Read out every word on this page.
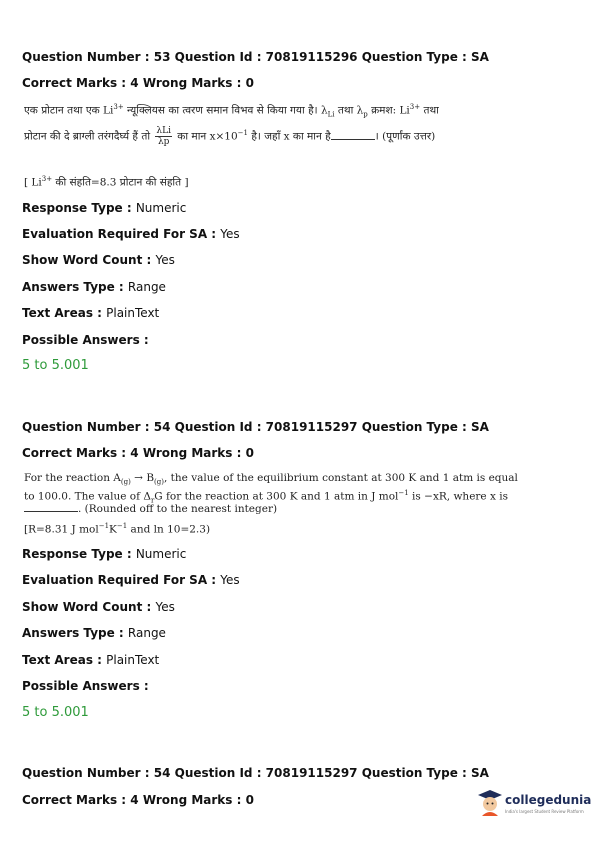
Question Number : 53 Question Id : 70819115296 Question Type : SA
Correct Marks : 4 Wrong Marks : 0
एक प्रोटान तथा एक $Li^{3+}$ न्यूक्लियस का त्वरण समान विभव से किया गया है। $\lambda_{Li}$ तथा $\lambda_p$ क्रमश: $Li^{3+}$ तथा
प्रोटान की दे ब्राग्ली तरंगदैर्घ्य हैं तो $\frac{\text{λLi}}{\lambda p}$ का मान $x\times 10^{-1}$ है। जहाँ x का मान है	। (पूर्णांक उत्तर)
[ $Li^{3+}$ की संहति=8.3 प्रोटान की संहति ]
Response Type : Numeric
Evaluation Required For SA : Yes
Show Word Count : Yes
Answers Type : Range
Text Areas : PlainText
Possible Answers :
5 to 5.001
Question Number : 54 Question Id : 70819115297 Question Type : SA
Correct Marks : 4 Wrong Marks : 0
For the reaction $A_{(g)} \to B_{(g)}$, the value of the equilibrium constant at 300 K and 1 atm is equal
to 100.0. The value of $\Delta_rG$ for the reaction at 300 K and 1 atm in J mol$^{-1}$ is −xR, where x is
. (Rounded off to the nearest integer)
[R=8.31 J $mol^{-1}K^{-1}$ and ln 10=2.3)
Response Type : Numeric
Evaluation Required For SA : Yes
Show Word Count : Yes
Answers Type : Range
Text Areas : PlainText
Possible Answers :
5 to 5.001
Question Number : 54 Question Id : 70819115297 Question Type : SA
Correct Marks : 4 Wrong Marks : 0	collegedunia
India's largest Student Review Platform
